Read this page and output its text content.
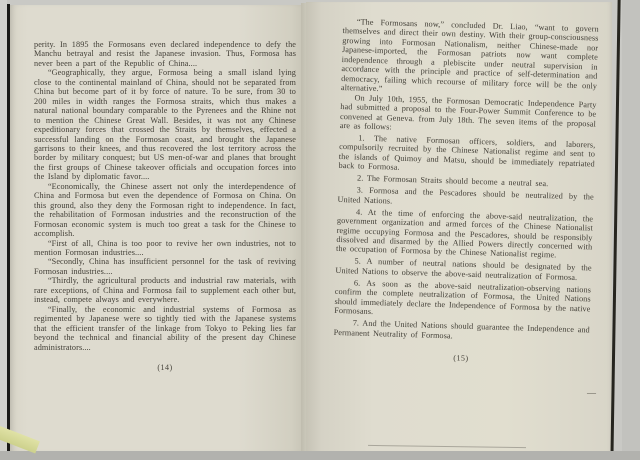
perity. In 1895 the Formosans even declared independence to defy the Manchu betrayal and resist the Japanese invasion. Thus, Formosa has never been a part of the Republic of China....

“Geographically, they argue, Formosa being a small island lying close to the continental mainland of China, should not be separated from China but become part of it by force of nature. To be sure, from 30 to 200 miles in width ranges the Formosa straits, which thus makes a natural national boundary comparable to the Pyrenees and the Rhine not to mention the Chinese Great Wall. Besides, it was not any Chinese expeditionary forces that crossed the Straits by themselves, effected a successful landing on the Formosan coast, and brought the Japanese garrisons to their knees, and thus recovered the lost territory across the border by military conquest; but US men-of-war and planes that brought the first groups of Chinese takeover officials and occupation forces into the Island by diplomatic favor....

“Economically, the Chinese assert not only the interdependence of China and Formosa but even the dependence of Formosa on China. On this ground, also they deny the Formosan right to independence. In fact, the rehabilitation of Formosan industries and the reconstruction of the Formosan economic system is much too great a task for the Chinese to accomplish.

“First of all, China is too poor to revive her own industries, not to mention Formosan industries....

“Secondly, China has insufficient personnel for the task of reviving Formosan industries....

“Thirdly, the agricultural products and industrial raw materials, with rare exceptions, of China and Formosa fail to supplement each other but, instead, compete always and everywhere.

“Finally, the economic and industrial systems of Formosa as regimented by Japanese were so tightly tied with the Japanese systems that the efficient transfer of the linkage from Tokyo to Peking lies far beyond the technical and financial ability of the present day Chinese administrators....

(14)

“The Formosans now,” concluded Dr. Liao, “want to govern themselves and direct their own destiny. With their group-consciousness growing into Formosan Nationalism, neither Chinese-made nor Japanese-imported, the Formosan patriots now want complete independence through a plebiscite under neutral supervision in accordance with the principle and practice of self-determination and democracy, failing which recourse of military force will be the only alternative.”

On July 10th, 1955, the Formosan Democratic Independence Party had submitted a proposal to the Four-Power Summit Conference to be convened at Geneva. from July 18th. The seven items of the proposal are as follows:

1. The native Formosan officers, soldiers, and laborers, compulsorily recruited by the Chinese Nationalist regime and sent to the islands of Quimoy and Matsu, should be immediately repatriated back to Formosa.

2. The Formosan Straits should become a neutral sea.

3. Formosa and the Pescadores should be neutralized by the United Nations.

4. At the time of enforcing the above-said neutralization, the government organization and armed forces of the Chinese Nationalist regime occupying Formosa and the Pescadores, should be responsibly dissolved and disarmed by the Allied Powers directly concerned with the occupation of Formosa by the Chinese Nationalist regime.

5. A number of neutral nations should be designated by the United Nations to observe the above-said neutralization of Formosa.

6. As soon as the above-said neutralization-observing nations confirm the complete neutralization of Formosa, the United Nations should immediately declare the Independence of Formosa by the native Formosans.

7. And the United Nations should guarantee the Independence and Permanent Neutrality of Formosa.

(15)
—
